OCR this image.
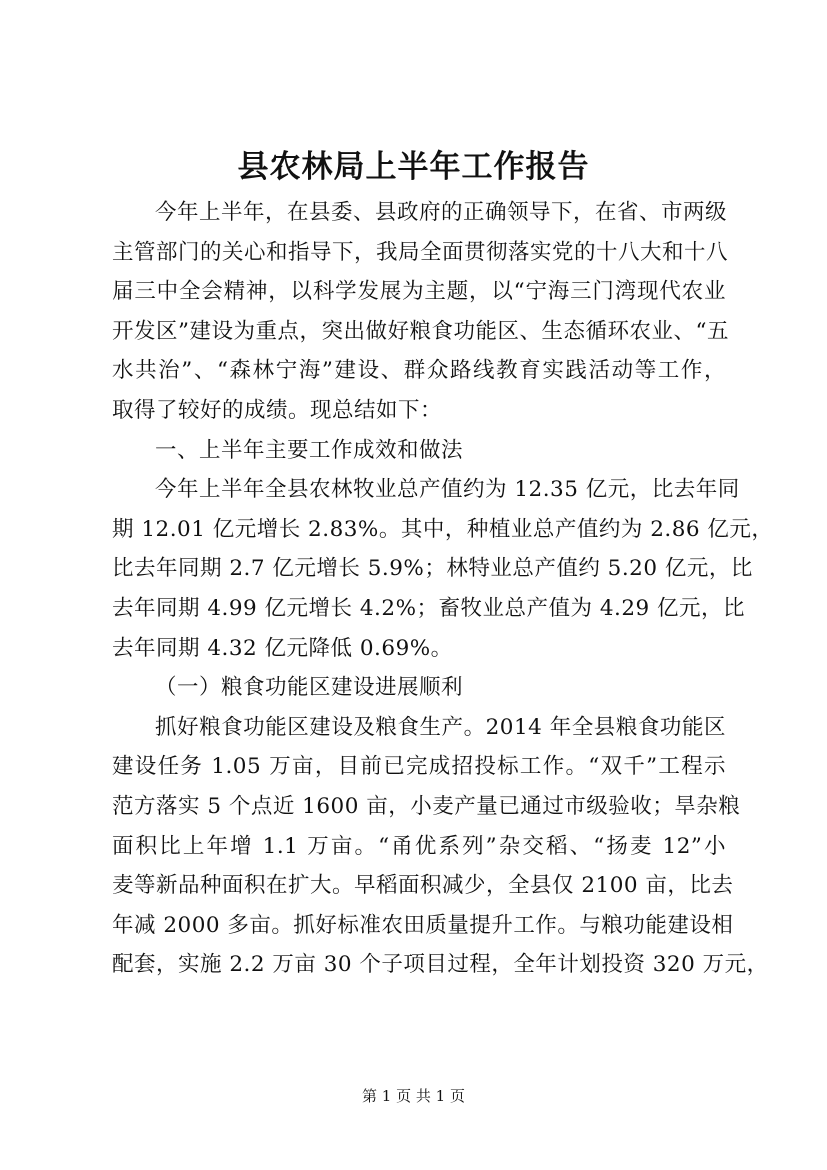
县农林局上半年工作报告
今年上半年，在县委、县政府的正确领导下，在省、市两级
主管部门的关心和指导下，我局全面贯彻落实党的十八大和十八
届三中全会精神，以科学发展为主题，以“宁海三门湾现代农业
开发区”建设为重点，突出做好粮食功能区、生态循环农业、“五
水共治”、“森林宁海”建设、群众路线教育实践活动等工作，
取得了较好的成绩。现总结如下：
一、上半年主要工作成效和做法
今年上半年全县农林牧业总产值约为 12.35 亿元，比去年同
期 12.01 亿元增长 2.83%。其中，种植业总产值约为 2.86 亿元，
比去年同期 2.7 亿元增长 5.9%；林特业总产值约 5.20 亿元，比
去年同期 4.99 亿元增长 4.2%；畜牧业总产值为 4.29 亿元，比
去年同期 4.32 亿元降低 0.69%。
（一）粮食功能区建设进展顺利
抓好粮食功能区建设及粮食生产。2014 年全县粮食功能区
建设任务 1.05 万亩，目前已完成招投标工作。“双千”工程示
范方落实 5 个点近 1600 亩，小麦产量已通过市级验收；旱杂粮
面积比上年增 1.1 万亩。“甬优系列”杂交稻、“扬麦 12”小
麦等新品种面积在扩大。早稻面积减少，全县仅 2100 亩，比去
年减 2000 多亩。抓好标准农田质量提升工作。与粮功能建设相
配套，实施 2.2 万亩 30 个子项目过程，全年计划投资 320 万元，

第 1 页 共 1 页
